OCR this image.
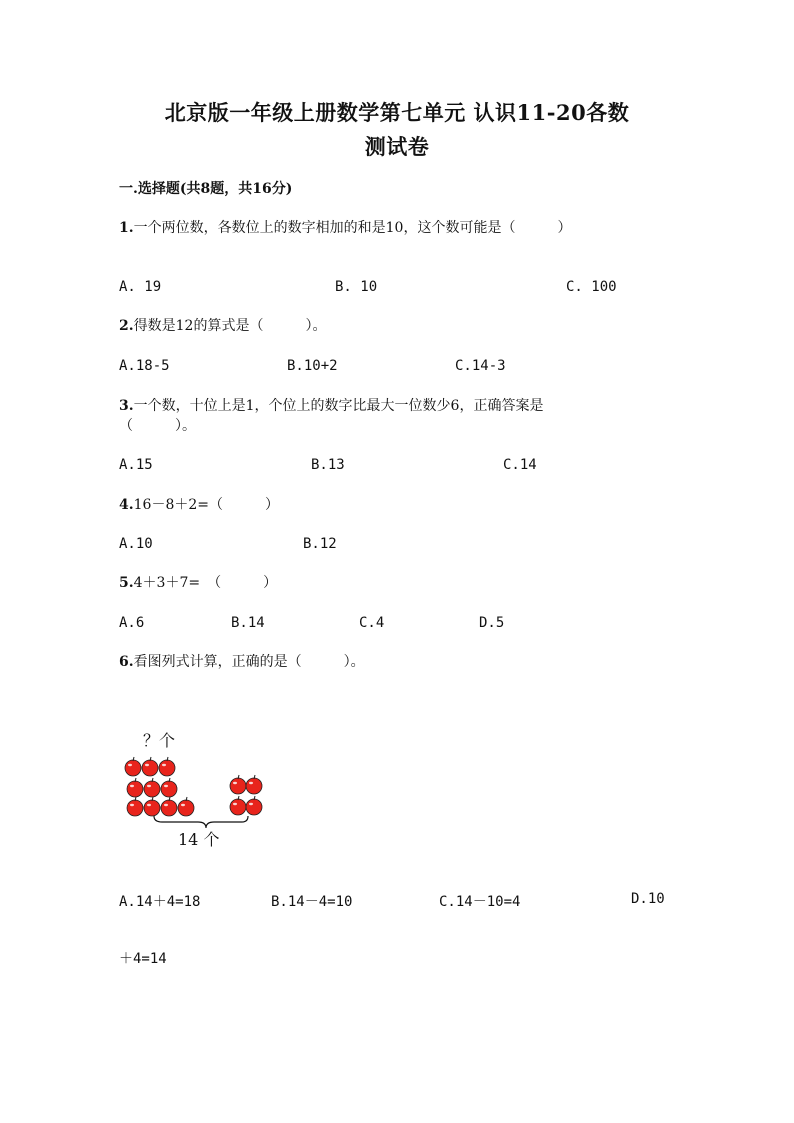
北京版一年级上册数学第七单元 认识11-20各数
测试卷
一.选择题(共8题，共16分)
1.一个两位数，各数位上的数字相加的和是10，这个数可能是（　　　）
A. 19	B. 10	C. 100
2.得数是12的算式是（　　　）。
A.18-5	B.10+2	C.14-3
3.一个数，十位上是1，个位上的数字比最大一位数少6，正确答案是
（　　　）。
A.15	B.13	C.14
4.16－8＋2=（　　　）
A.10	B.12
5.4＋3＋7=　（　　　）
A.6	B.14	C.4	D.5
6.看图列式计算，正确的是（　　　）。
？个
14 个
A.14＋4=18	B.14－4=10	C.14－10=4	D.10
＋4=14
